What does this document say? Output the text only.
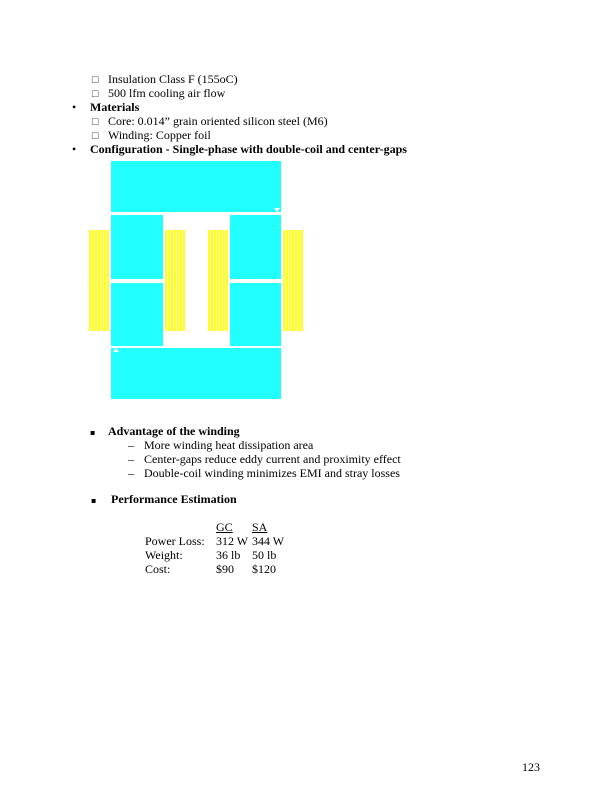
☐ Insulation Class F (155oC)
☐ 500 lfm cooling air flow
• Materials
☐ Core: 0.014” grain oriented silicon steel (M6)
☐ Winding: Copper foil
• Configuration - Single-phase with double-coil and center-gaps
▪ Advantage of the winding
– More winding heat dissipation area
– Center-gaps reduce eddy current and proximity effect
– Double-coil winding minimizes EMI and stray losses
▪ Performance Estimation
GC SA
Power Loss: 312 W 344 W
Weight:	36 lb 50 lb
Cost:	$90 $120
123
